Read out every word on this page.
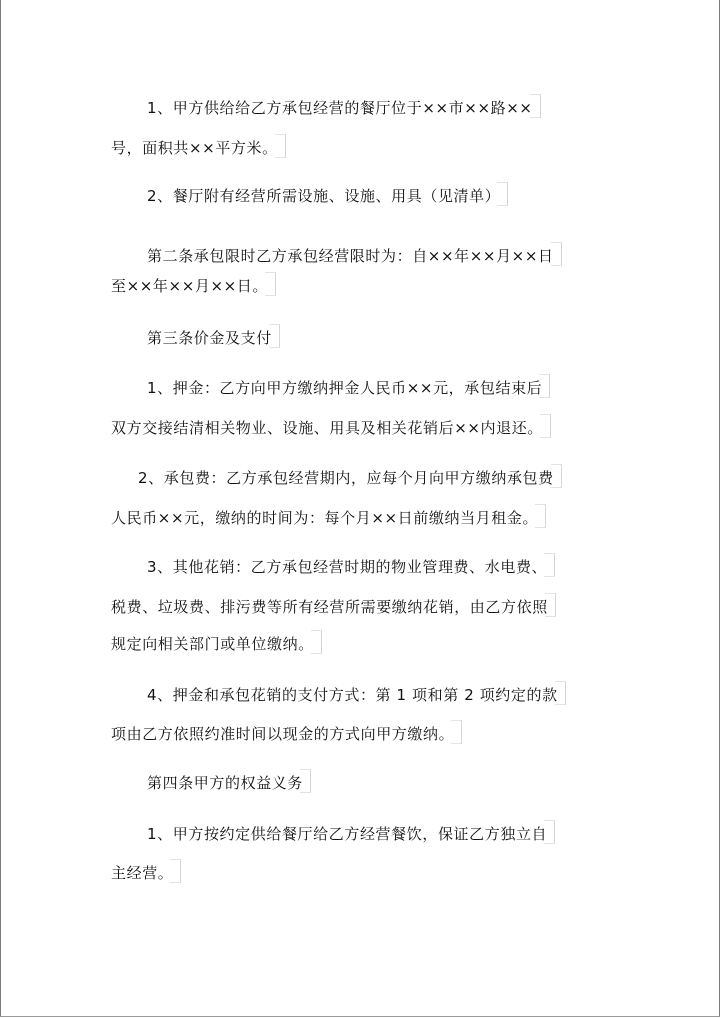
1、甲方供给给乙方承包经营的餐厅位于××市××路××
号，面积共××平方米。
2、餐厅附有经营所需设施、设施、用具（见清单）
第二条承包限时乙方承包经营限时为：自××年××月××日
至××年××月××日。
第三条价金及支付
1、押金：乙方向甲方缴纳押金人民币××元，承包结束后
双方交接结清相关物业、设施、用具及相关花销后××内退还。
2、承包费：乙方承包经营期内，应每个月向甲方缴纳承包费
人民币××元，缴纳的时间为：每个月××日前缴纳当月租金。
3、其他花销：乙方承包经营时期的物业管理费、水电费、
税费、垃圾费、排污费等所有经营所需要缴纳花销，由乙方依照
规定向相关部门或单位缴纳。
4、押金和承包花销的支付方式：第 1 项和第 2 项约定的款
项由乙方依照约准时间以现金的方式向甲方缴纳。
第四条甲方的权益义务
1、甲方按约定供给餐厅给乙方经营餐饮，保证乙方独立自
主经营。
